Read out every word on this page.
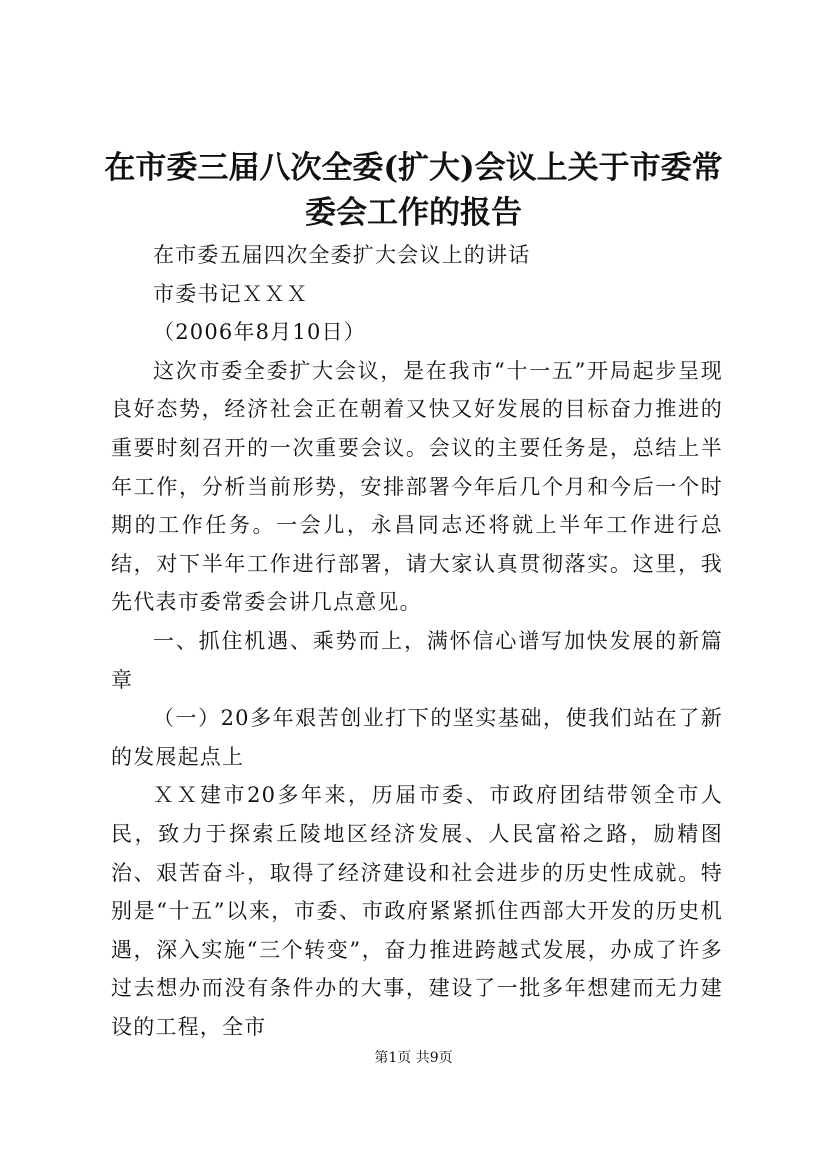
在市委三届八次全委(扩大)会议上关于市委常
委会工作的报告

在市委五届四次全委扩大会议上的讲话

市委书记ＸＸＸ

（2006年8月10日）

这次市委全委扩大会议，是在我市“十一五”开局起步呈现良好态势，经济社会正在朝着又快又好发展的目标奋力推进的重要时刻召开的一次重要会议。会议的主要任务是，总结上半年工作，分析当前形势，安排部署今年后几个月和今后一个时期的工作任务。一会儿，永昌同志还将就上半年工作进行总结，对下半年工作进行部署，请大家认真贯彻落实。这里，我先代表市委常委会讲几点意见。

一、抓住机遇、乘势而上，满怀信心谱写加快发展的新篇章

（一）20多年艰苦创业打下的坚实基础，使我们站在了新的发展起点上

ＸＸ建市20多年来，历届市委、市政府团结带领全市人民，致力于探索丘陵地区经济发展、人民富裕之路，励精图治、艰苦奋斗，取得了经济建设和社会进步的历史性成就。特别是“十五”以来，市委、市政府紧紧抓住西部大开发的历史机遇，深入实施“三个转变”，奋力推进跨越式发展，办成了许多过去想办而没有条件办的大事，建设了一批多年想建而无力建设的工程，全市

第1页 共9页
